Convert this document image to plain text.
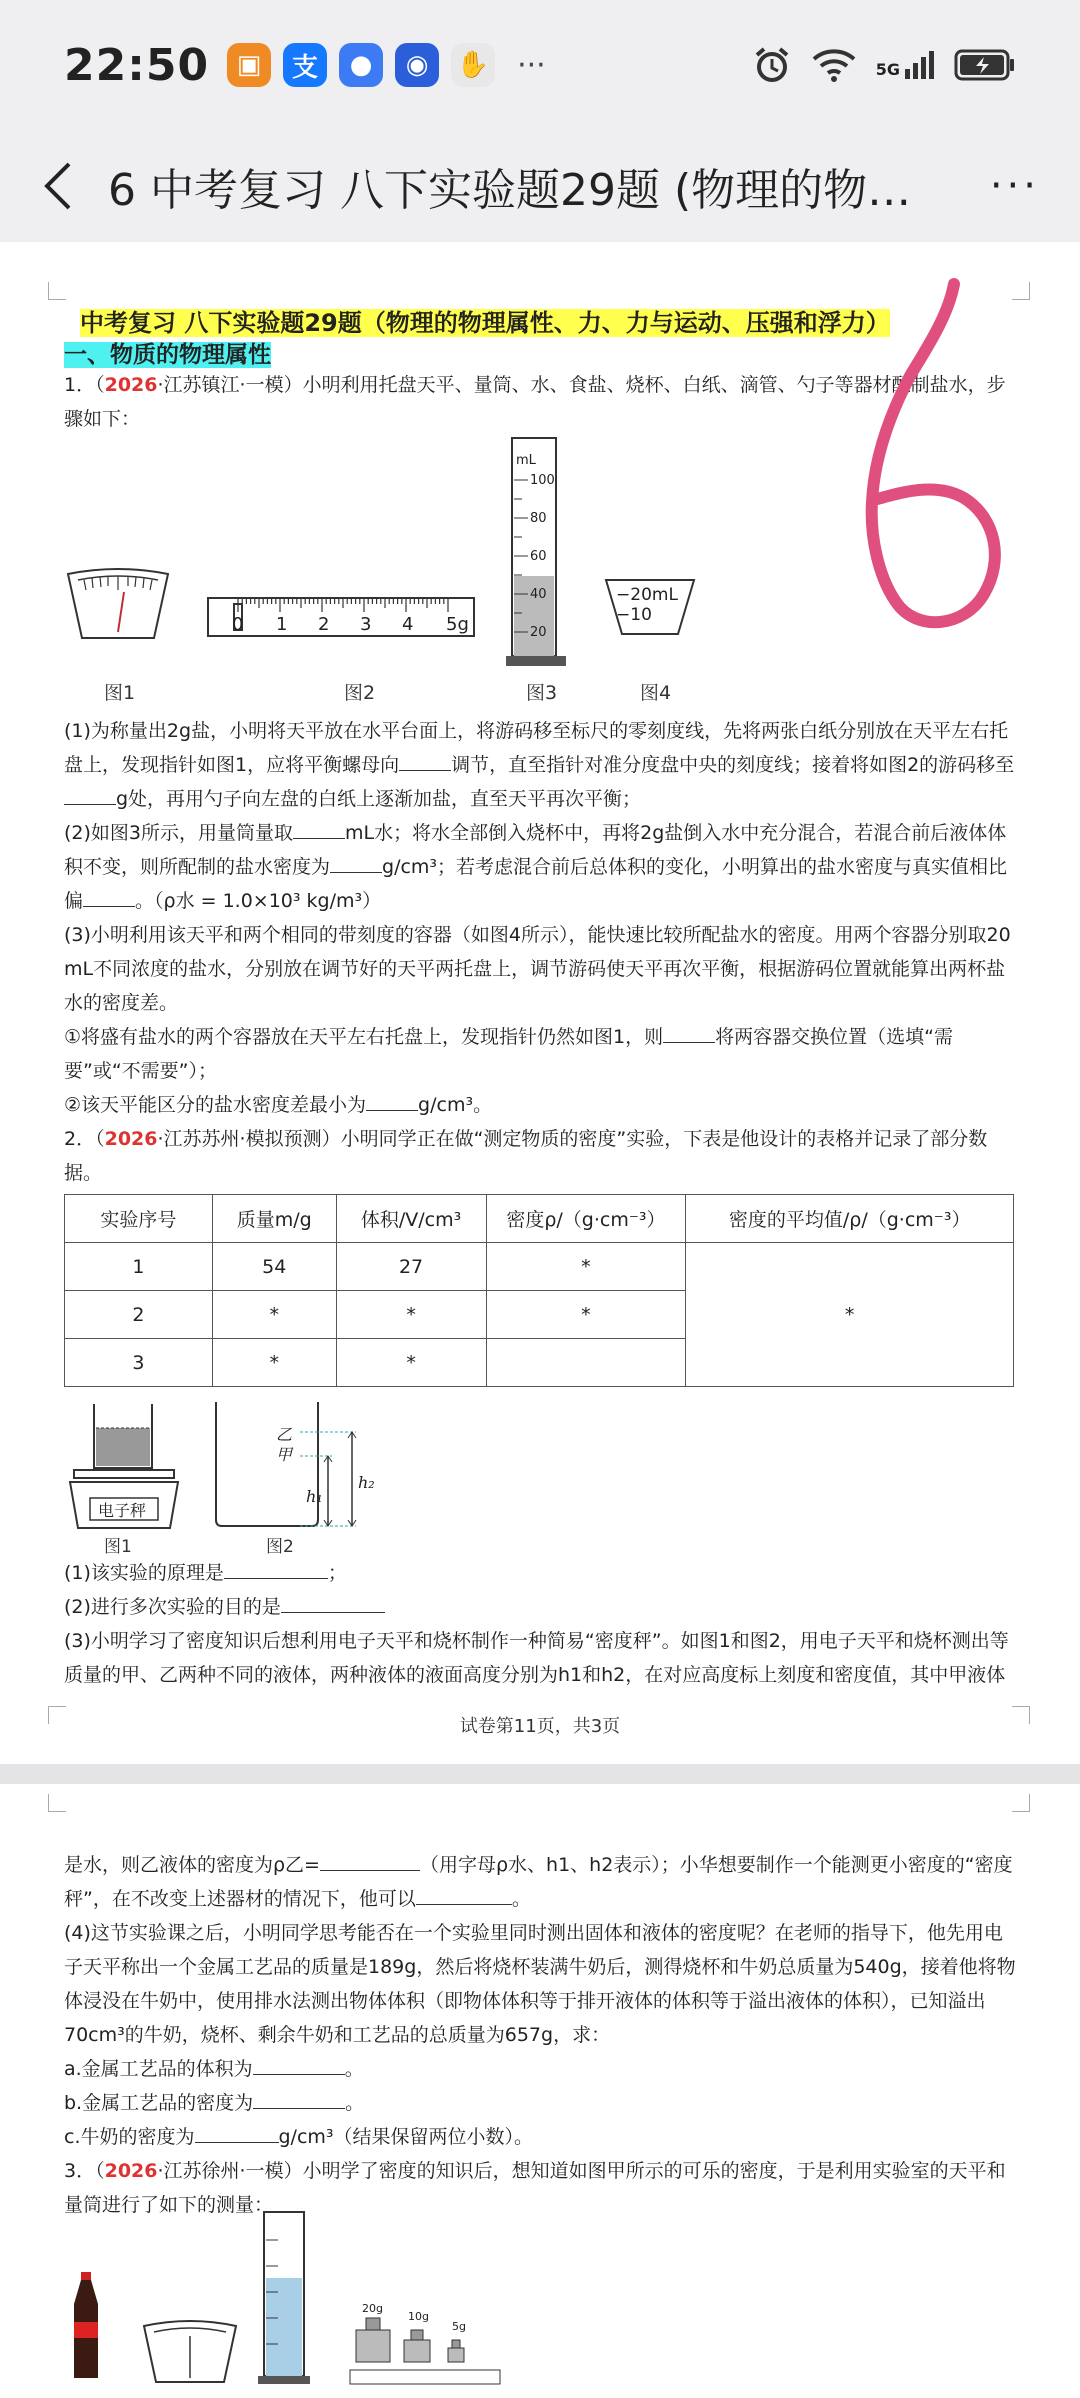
22:50	▣	支	●	◉	✋ ···	5G
6 中考复习 八下实验题29题 (物理的物…	···
中考复习 八下实验题29题（物理的物理属性、力、力与运动、压强和浮力）
一、物质的物理属性
1．（2026·江苏镇江·一模）小明利用托盘天平、量筒、水、食盐、烧杯、白纸、滴管、勺子等器材配制盐水，步骤如下：
0 1 2 3 4 5g
mL
100
80
60
40
20
−20mL
−10
图1	图2	图3	图4
(1)为称量出2g盐，小明将天平放在水平台面上，将游码移至标尺的零刻度线，先将两张白纸分别放在天平左右托盘上，发现指针如图1，应将平衡螺母向	调节，直至指针对准分度盘中央的刻度线；接着将如图2的游码移至g处，再用勺子向左盘的白纸上逐渐加盐，直至天平再次平衡；
(2)如图3所示，用量筒量取	mL水；将水全部倒入烧杯中，再将2g盐倒入水中充分混合，若混合前后液体体积不变，则所配制的盐水密度为	g/cm³；若考虑混合前后总体积的变化，小明算出的盐水密度与真实值相比偏	。（ρ水 = 1.0×10³ kg/m³）
(3)小明利用该天平和两个相同的带刻度的容器（如图4所示），能快速比较所配盐水的密度。用两个容器分别取20 mL不同浓度的盐水，分别放在调节好的天平两托盘上，调节游码使天平再次平衡，根据游码位置就能算出两杯盐水的密度差。
①将盛有盐水的两个容器放在天平左右托盘上，发现指针仍然如图1，则	将两容器交换位置（选填“需要”或“不需要”）；
②该天平能区分的盐水密度差最小为	g/cm³。
2．（2026·江苏苏州·模拟预测）小明同学正在做“测定物质的密度”实验，下表是他设计的表格并记录了部分数据。
实验序号	质量m/g	体积/V/cm³	密度ρ/（g·cm⁻³）	密度的平均值/ρ/（g·cm⁻³）
1	54	27	*	*
2	*	*	*	
3	*	*		
电子秤
乙
甲
h₁
h₂
图1	图2
(1)该实验的原理是	；
(2)进行多次实验的目的是
(3)小明学习了密度知识后想利用电子天平和烧杯制作一种简易“密度秤”。如图1和图2，用电子天平和烧杯测出等质量的甲、乙两种不同的液体，两种液体的液面高度分别为h1和h2，在对应高度标上刻度和密度值，其中甲液体
试卷第11页，共3页
6
是水，则乙液体的密度为ρ乙=	（用字母ρ水、h1、h2表示）；小华想要制作一个能测更小密度的“密度秤”，在不改变上述器材的情况下，他可以	。
(4)这节实验课之后，小明同学思考能否在一个实验里同时测出固体和液体的密度呢？在老师的指导下，他先用电子天平称出一个金属工艺品的质量是189g，然后将烧杯装满牛奶后，测得烧杯和牛奶总质量为540g，接着他将物体浸没在牛奶中，使用排水法测出物体体积（即物体体积等于排开液体的体积等于溢出液体的体积），已知溢出70cm³的牛奶，烧杯、剩余牛奶和工艺品的总质量为657g，求：
a.金属工艺品的体积为	。
b.金属工艺品的密度为	。
c.牛奶的密度为	g/cm³（结果保留两位小数）。
3．（2026·江苏徐州·一模）小明学了密度的知识后，想知道如图甲所示的可乐的密度，于是利用实验室的天平和量筒进行了如下的测量：
20g
10g
5g
